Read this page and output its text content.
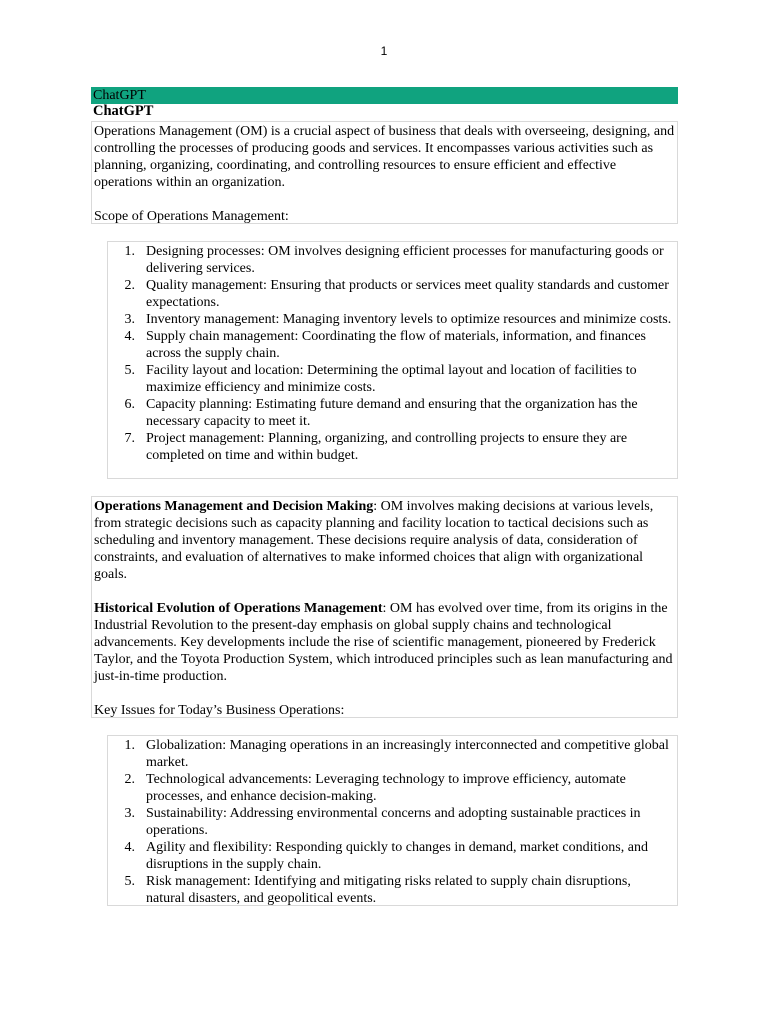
1
ChatGPT
ChatGPT

Operations Management (OM) is a crucial aspect of business that deals with overseeing, designing, and controlling the processes of producing goods and services. It encompasses various activities such as planning, organizing, coordinating, and controlling resources to ensure efficient and effective operations within an organization.

Scope of Operations Management:

1. Designing processes: OM involves designing efficient processes for manufacturing goods or delivering services.
2. Quality management: Ensuring that products or services meet quality standards and customer expectations.
3. Inventory management: Managing inventory levels to optimize resources and minimize costs.
4. Supply chain management: Coordinating the flow of materials, information, and finances across the supply chain.
5. Facility layout and location: Determining the optimal layout and location of facilities to maximize efficiency and minimize costs.
6. Capacity planning: Estimating future demand and ensuring that the organization has the necessary capacity to meet it.
7. Project management: Planning, organizing, and controlling projects to ensure they are completed on time and within budget.

Operations Management and Decision Making: OM involves making decisions at various levels, from strategic decisions such as capacity planning and facility location to tactical decisions such as scheduling and inventory management. These decisions require analysis of data, consideration of constraints, and evaluation of alternatives to make informed choices that align with organizational goals.

Historical Evolution of Operations Management: OM has evolved over time, from its origins in the Industrial Revolution to the present-day emphasis on global supply chains and technological advancements. Key developments include the rise of scientific management, pioneered by Frederick Taylor, and the Toyota Production System, which introduced principles such as lean manufacturing and just-in-time production.

Key Issues for Today’s Business Operations:

1. Globalization: Managing operations in an increasingly interconnected and competitive global market.
2. Technological advancements: Leveraging technology to improve efficiency, automate processes, and enhance decision-making.
3. Sustainability: Addressing environmental concerns and adopting sustainable practices in operations.
4. Agility and flexibility: Responding quickly to changes in demand, market conditions, and disruptions in the supply chain.
5. Risk management: Identifying and mitigating risks related to supply chain disruptions, natural disasters, and geopolitical events.
